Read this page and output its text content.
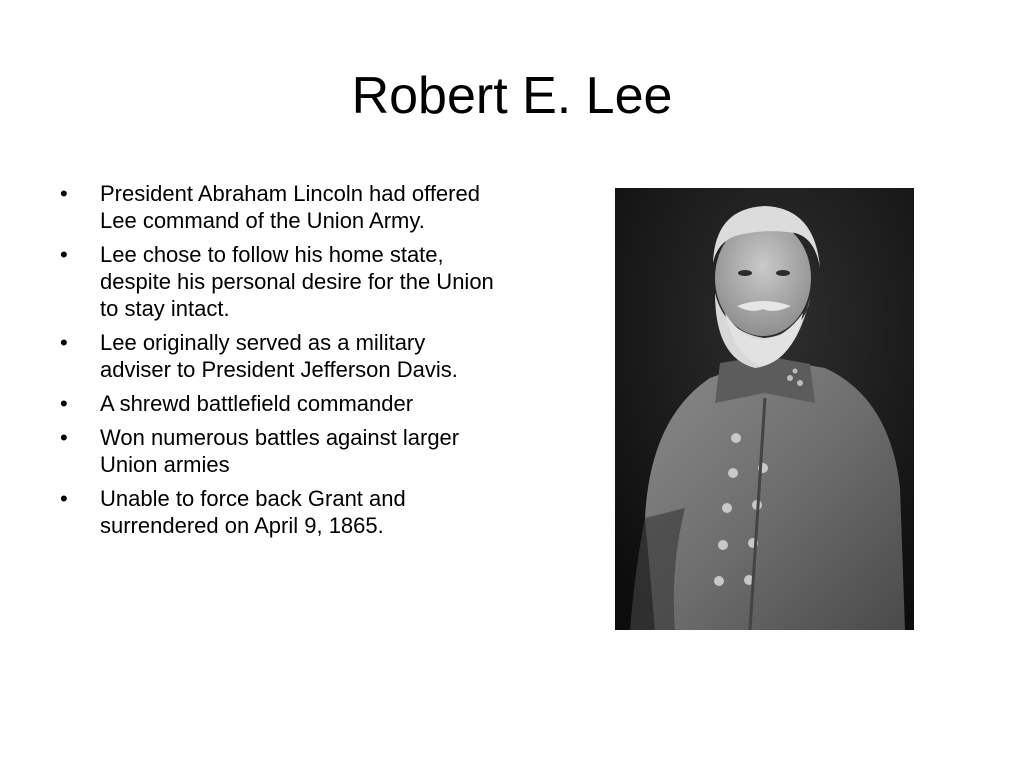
Robert E. Lee
•	President Abraham Lincoln had offered Lee command of the Union Army.
•	Lee chose to follow his home state, despite his personal desire for the Union to stay intact.
•	Lee originally served as a military adviser to President Jefferson Davis.
•	A shrewd battlefield commander
•	Won numerous battles against larger Union armies
•	Unable to force back Grant and surrendered on April 9, 1865.
